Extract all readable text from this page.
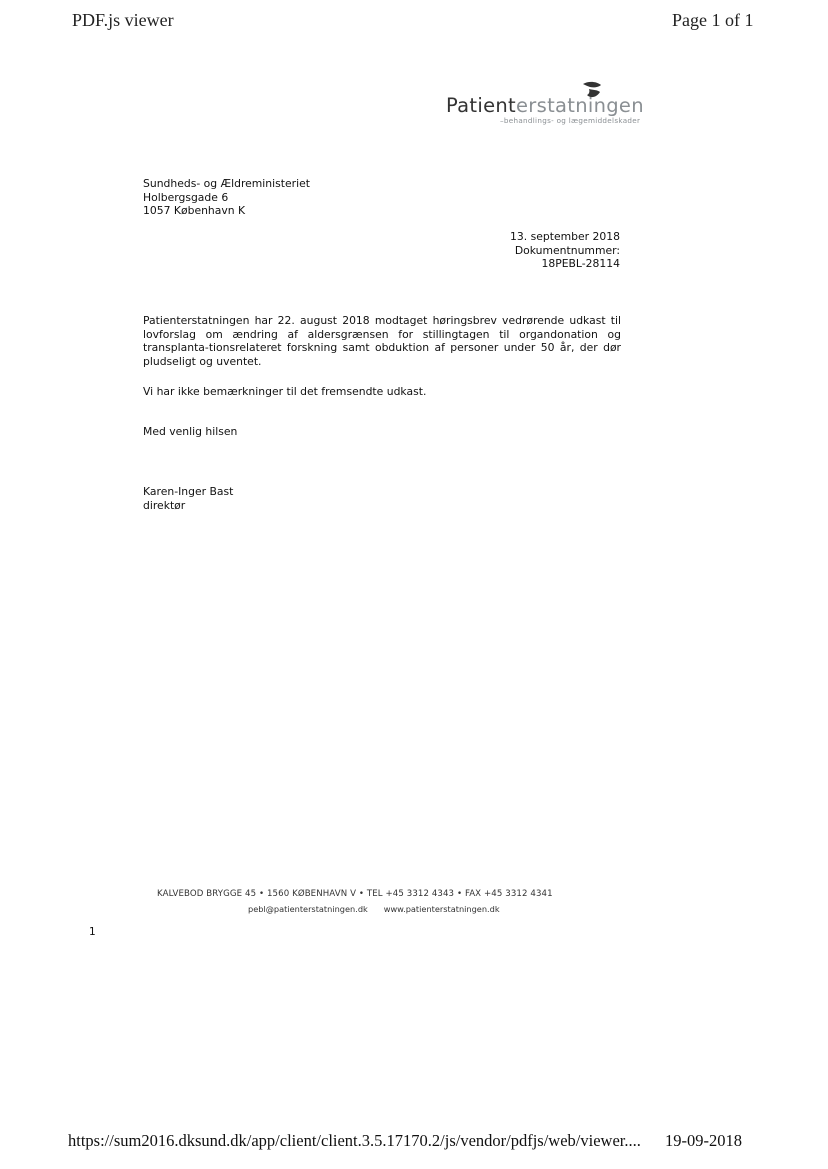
PDF.js viewer	Page 1 of 1
Patienterstatningen
–behandlings- og lægemiddelskader
Sundheds- og Ældreministeriet
Holbergsgade 6
1057 København K
13. september 2018
Dokumentnummer:
18PEBL-28114
Patienterstatningen har 22. august 2018 modtaget høringsbrev vedrørende udkast til lovforslag om ændring af aldersgrænsen for stillingtagen til organdonation og transplanta-tionsrelateret forskning samt obduktion af personer under 50 år, der dør pludseligt og uventet.
Vi har ikke bemærkninger til det fremsendte udkast.
Med venlig hilsen
Karen-Inger Bast
direktør
KALVEBOD BRYGGE 45 • 1560 KØBENHAVN V • TEL +45 3312 4343 • FAX +45 3312 4341
pebl@patienterstatningen.dk www.patienterstatningen.dk
1
https://sum2016.dksund.dk/app/client/client.3.5.17170.2/js/vendor/pdfjs/web/viewer.... 19-09-2018
